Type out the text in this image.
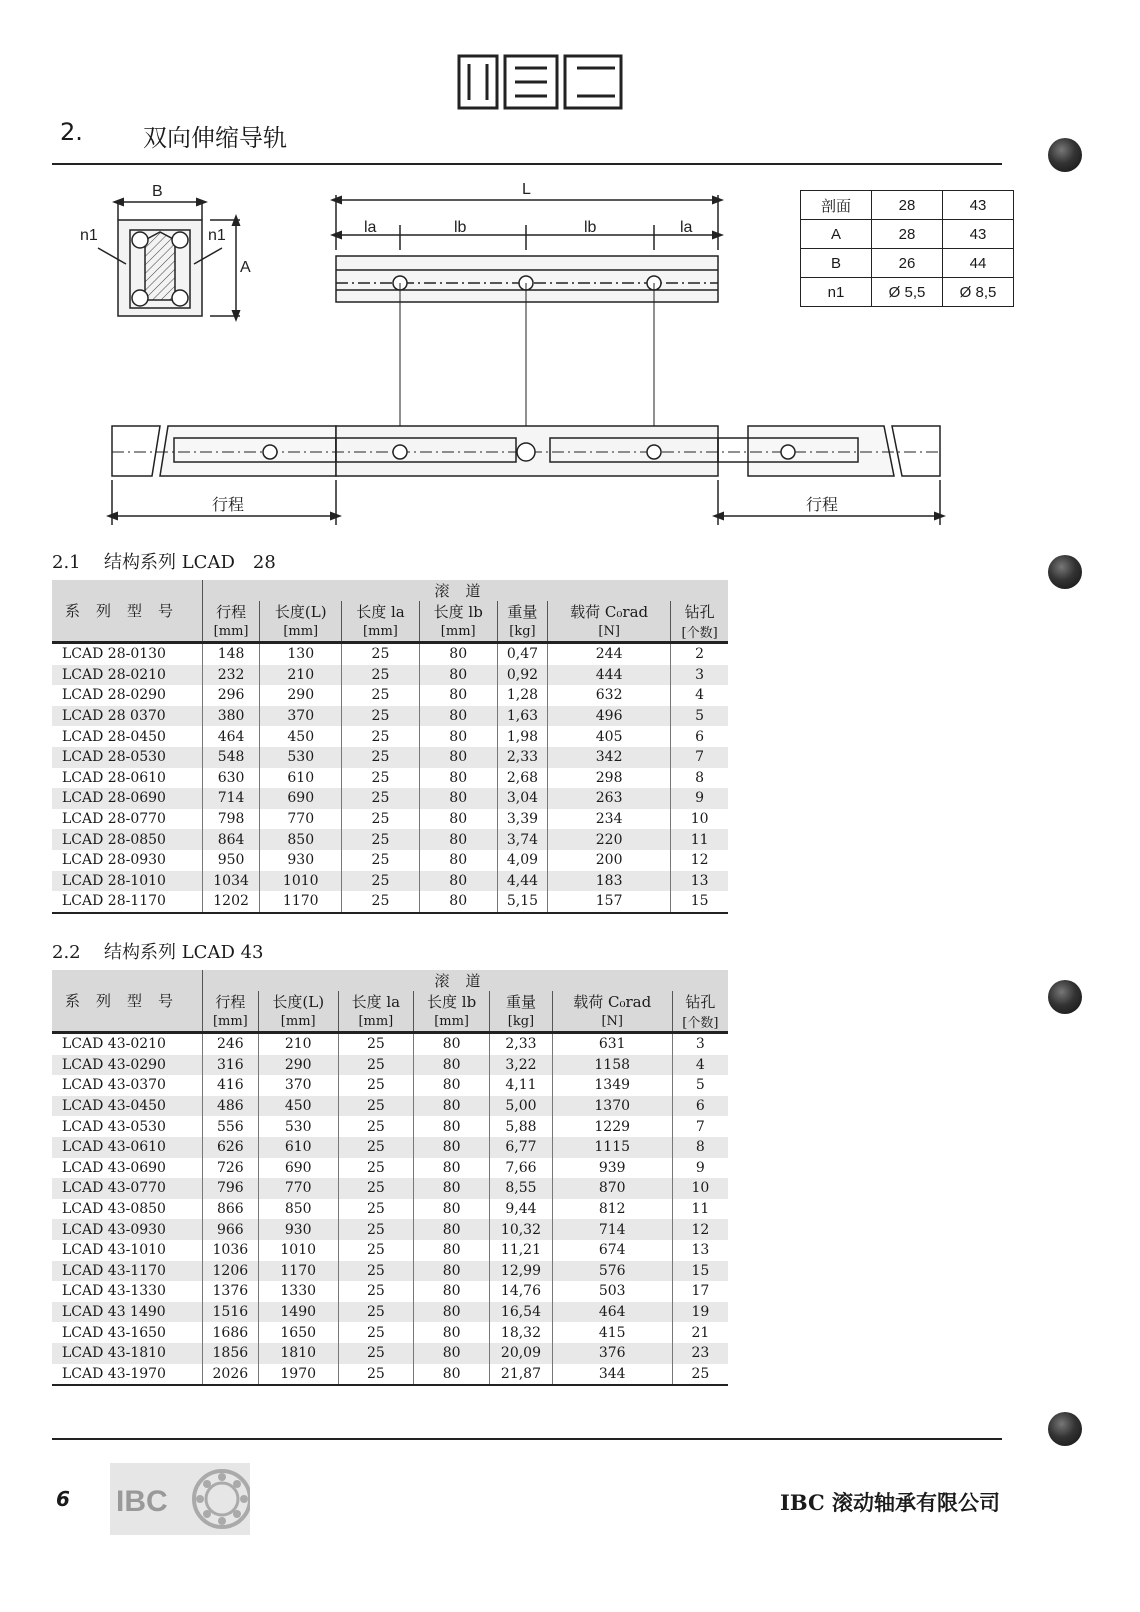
2.	双向伸缩导轨
B
A
n1	n1
L
la	lb	lb	la
行程	行程
剖面	28	43
A	28	43
B	26	44
n1	Ø 5,5	Ø 8,5
2.1 结构系列 LCAD　28
系列型号	滚道						
	行程	长度(L)	长度 la	长度 lb	重量	载荷 C₀rad	钻孔
	[mm]	[mm]	[mm]	[mm]	[kg]	[N]	[个数]
LCAD 28-0130	148	130	25	80	0,47	244	2
LCAD 28-0210	232	210	25	80	0,92	444	3
LCAD 28-0290	296	290	25	80	1,28	632	4
LCAD 28 0370	380	370	25	80	1,63	496	5
LCAD 28-0450	464	450	25	80	1,98	405	6
LCAD 28-0530	548	530	25	80	2,33	342	7
LCAD 28-0610	630	610	25	80	2,68	298	8
LCAD 28-0690	714	690	25	80	3,04	263	9
LCAD 28-0770	798	770	25	80	3,39	234	10
LCAD 28-0850	864	850	25	80	3,74	220	11
LCAD 28-0930	950	930	25	80	4,09	200	12
LCAD 28-1010	1034	1010	25	80	4,44	183	13
LCAD 28-1170	1202	1170	25	80	5,15	157	15
2.2 结构系列 LCAD 43
系列型号	滚道						
	行程	长度(L)	长度 la	长度 lb	重量	载荷 C₀rad	钻孔
	[mm]	[mm]	[mm]	[mm]	[kg]	[N]	[个数]
LCAD 43-0210	246	210	25	80	2,33	631	3
LCAD 43-0290	316	290	25	80	3,22	1158	4
LCAD 43-0370	416	370	25	80	4,11	1349	5
LCAD 43-0450	486	450	25	80	5,00	1370	6
LCAD 43-0530	556	530	25	80	5,88	1229	7
LCAD 43-0610	626	610	25	80	6,77	1115	8
LCAD 43-0690	726	690	25	80	7,66	939	9
LCAD 43-0770	796	770	25	80	8,55	870	10
LCAD 43-0850	866	850	25	80	9,44	812	11
LCAD 43-0930	966	930	25	80	10,32	714	12
LCAD 43-1010	1036	1010	25	80	11,21	674	13
LCAD 43-1170	1206	1170	25	80	12,99	576	15
LCAD 43-1330	1376	1330	25	80	14,76	503	17
LCAD 43 1490	1516	1490	25	80	16,54	464	19
LCAD 43-1650	1686	1650	25	80	18,32	415	21
LCAD 43-1810	1856	1810	25	80	20,09	376	23
LCAD 43-1970	2026	1970	25	80	21,87	344	25
6 IBC	IBC 滚动轴承有限公司
